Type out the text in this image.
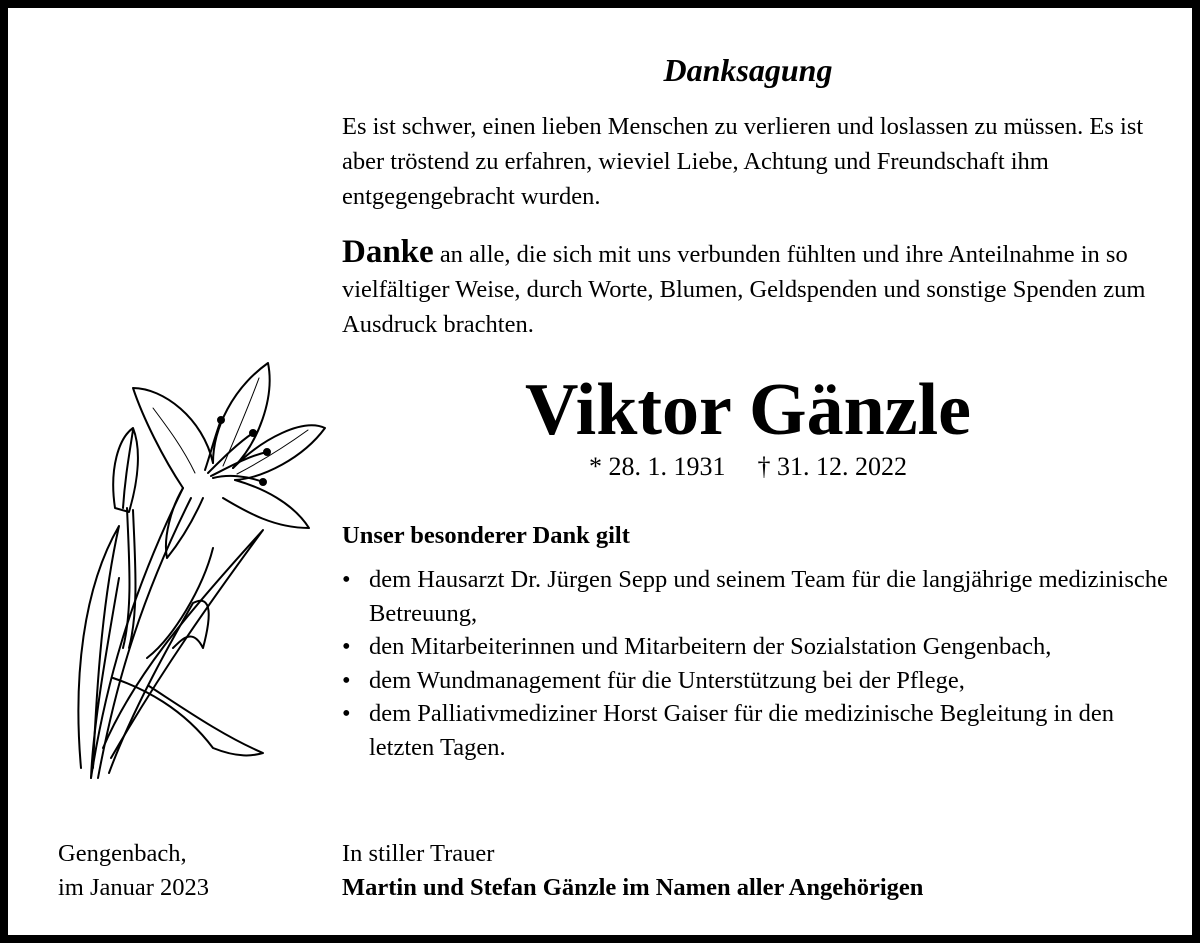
Danksagung

Es ist schwer, einen lieben Menschen zu verlieren und loslassen zu müssen. Es ist aber tröstend zu erfahren, wieviel Liebe, Achtung und Freundschaft ihm entgegengebracht wurden.

Danke an alle, die sich mit uns verbunden fühlten und ihre Anteilnahme in so vielfältiger Weise, durch Worte, Blumen, Geldspenden und sonstige Spenden zum Ausdruck brachten.

Viktor Gänzle
* 28. 1. 1931 † 31. 12. 2022
Unser besonderer Dank gilt
• dem Hausarzt Dr. Jürgen Sepp und seinem Team für die langjährige medizinische Betreuung,
• den Mitarbeiterinnen und Mitarbeitern der Sozialstation Gengenbach,
• dem Wundmanagement für die Unterstützung bei der Pflege,
• dem Palliativmediziner Horst Gaiser für die medizinische Begleitung in den letzten Tagen.
Gengenbach,
im Januar 2023
In stiller Trauer
Martin und Stefan Gänzle im Namen aller Angehörigen
